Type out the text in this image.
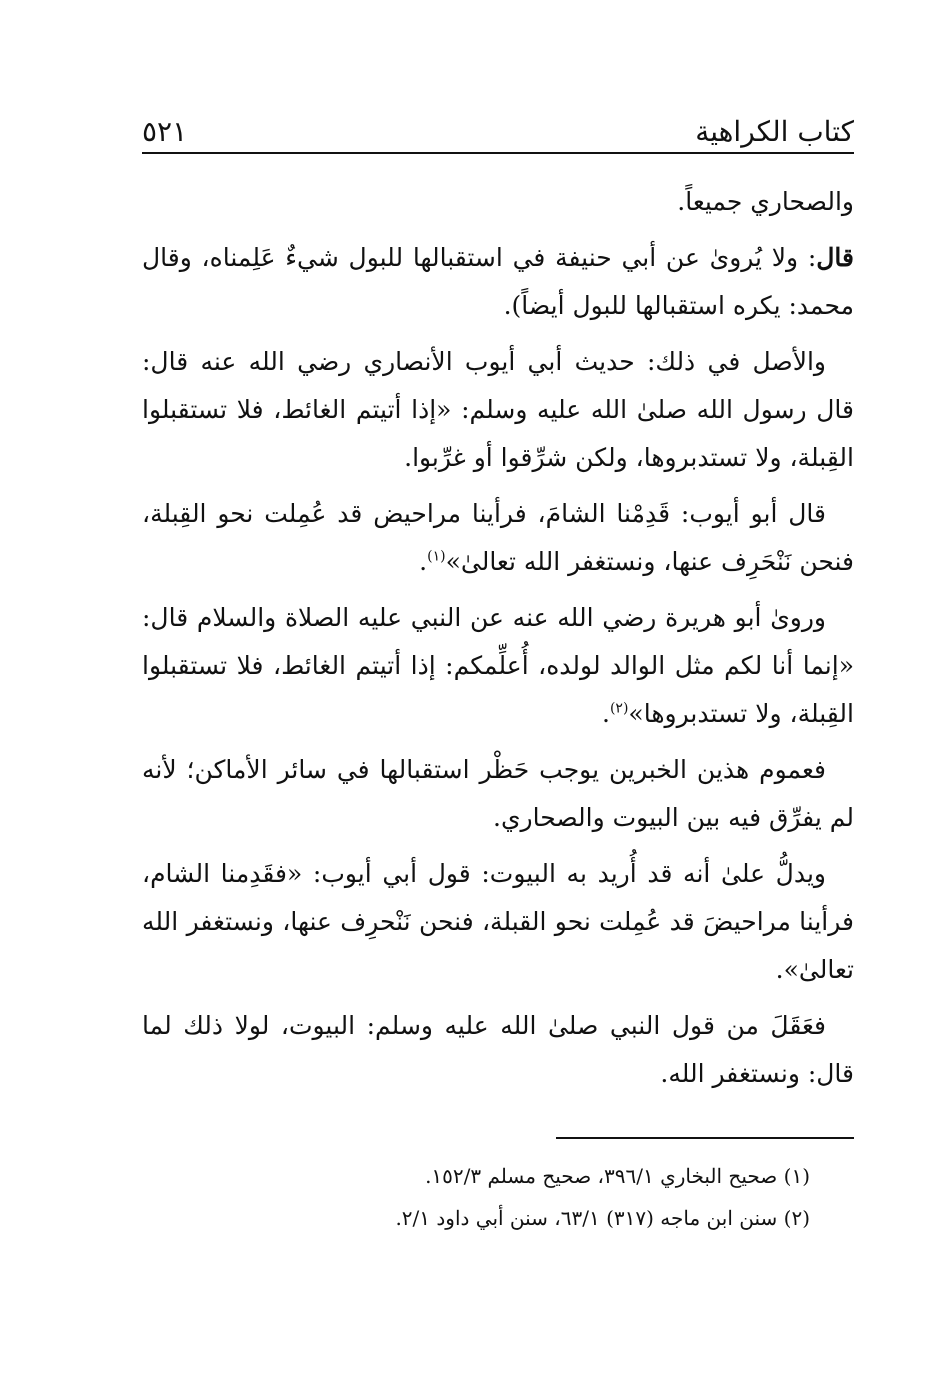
كتاب الكراهية
٥٢١

والصحاري جميعاً.

قال: ولا يُروىٰ عن أبي حنيفة في استقبالها للبول شيءٌ عَلِمناه، وقال محمد: يكره استقبالها للبول أيضاً).

والأصل في ذلك: حديث أبي أيوب الأنصاري رضي الله عنه قال: قال رسول الله صلىٰ الله عليه وسلم: «إذا أتيتم الغائط، فلا تستقبلوا القِبلة، ولا تستدبروها، ولكن شرِّقوا أو غرِّبوا.

قال أبو أيوب: قَدِمْنا الشامَ، فرأينا مراحيض قد عُمِلت نحو القِبلة، فنحن نَنْحَرِف عنها، ونستغفر الله تعالىٰ»$^{(١)}$.

وروىٰ أبو هريرة رضي الله عنه عن النبي عليه الصلاة والسلام قال: «إنما أنا لكم مثل الوالد لولده، أُعلِّمكم: إذا أتيتم الغائط، فلا تستقبلوا القِبلة، ولا تستدبروها»$^{(٢)}$.

فعموم هذين الخبرين يوجب حَظْر استقبالها في سائر الأماكن؛ لأنه لم يفرِّق فيه بين البيوت والصحاري.

ويدلُّ علىٰ أنه قد أُريد به البيوت: قول أبي أيوب: «فقَدِمنا الشام، فرأينا مراحيضَ قد عُمِلت نحو القبلة، فنحن نَنْحرِف عنها، ونستغفر الله تعالىٰ».

فعَقَلَ من قول النبي صلىٰ الله عليه وسلم: البيوت، لولا ذلك لما قال: ونستغفر الله.

(١) صحيح البخاري ٣٩٦/١، صحيح مسلم ١٥٢/٣.

(٢) سنن ابن ماجه (٣١٧) ٦٣/١، سنن أبي داود ٢/١.
